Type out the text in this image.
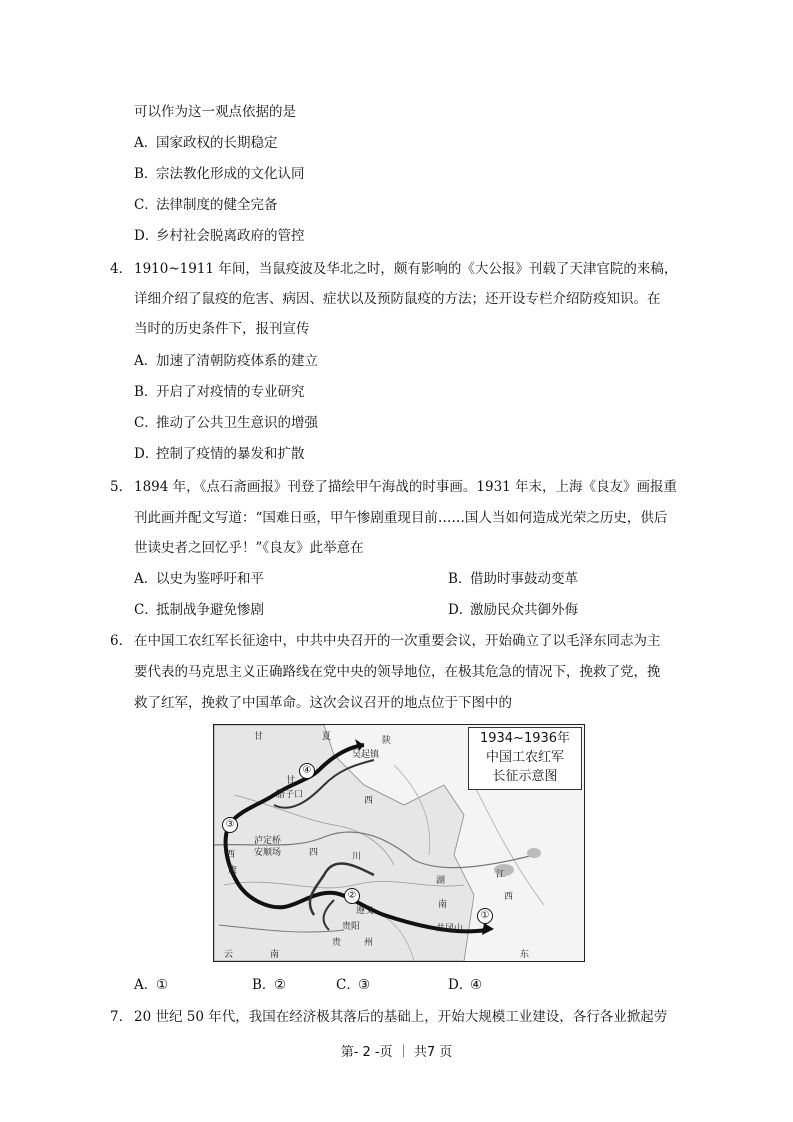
可以作为这一观点依据的是
A．国家政权的长期稳定
B．宗法教化形成的文化认同
C．法律制度的健全完备
D．乡村社会脱离政府的管控
4． 1910~1911 年间，当鼠疫波及华北之时，颇有影响的《大公报》刊载了天津官院的来稿，
详细介绍了鼠疫的危害、病因、症状以及预防鼠疫的方法；还开设专栏介绍防疫知识。在
当时的历史条件下，报刊宣传
A．加速了清朝防疫体系的建立
B．开启了对疫情的专业研究
C．推动了公共卫生意识的增强
D．控制了疫情的暴发和扩散
5． 1894 年，《点石斋画报》刊登了描绘甲午海战的时事画。1931 年末，上海《良友》画报重
刊此画并配文写道：“国难日亟，甲午惨剧重现目前……国人当如何造成光荣之历史，供后
世读史者之回忆乎！”《良友》此举意在
A．以史为鉴呼吁和平	B．借助时事鼓动变革
C．抵制战争避免惨剧	D．激励民众共御外侮
6． 在中国工农红军长征途中，中共中央召开的一次重要会议，开始确立了以毛泽东同志为主
要代表的马克思主义正确路线在党中央的领导地位，在极其危急的情况下，挽救了党，挽
救了红军，挽救了中国革命。这次会议召开的地点位于下图中的
1934~1936年
中国工农红军
长征示意图
甘	夏
吴起镇
陕
甘
腊子口
西
四	川
泸定桥
安顺场
西
康
湖
南
江
西
遵义
贵阳
贵	州
井冈山
云	南	东
④
③
②
①
A．①	B．②	C．③	D．④
7． 20 世纪 50 年代，我国在经济极其落后的基础上，开始大规模工业建设，各行各业掀起劳
第- 2 -页 ｜ 共7 页
